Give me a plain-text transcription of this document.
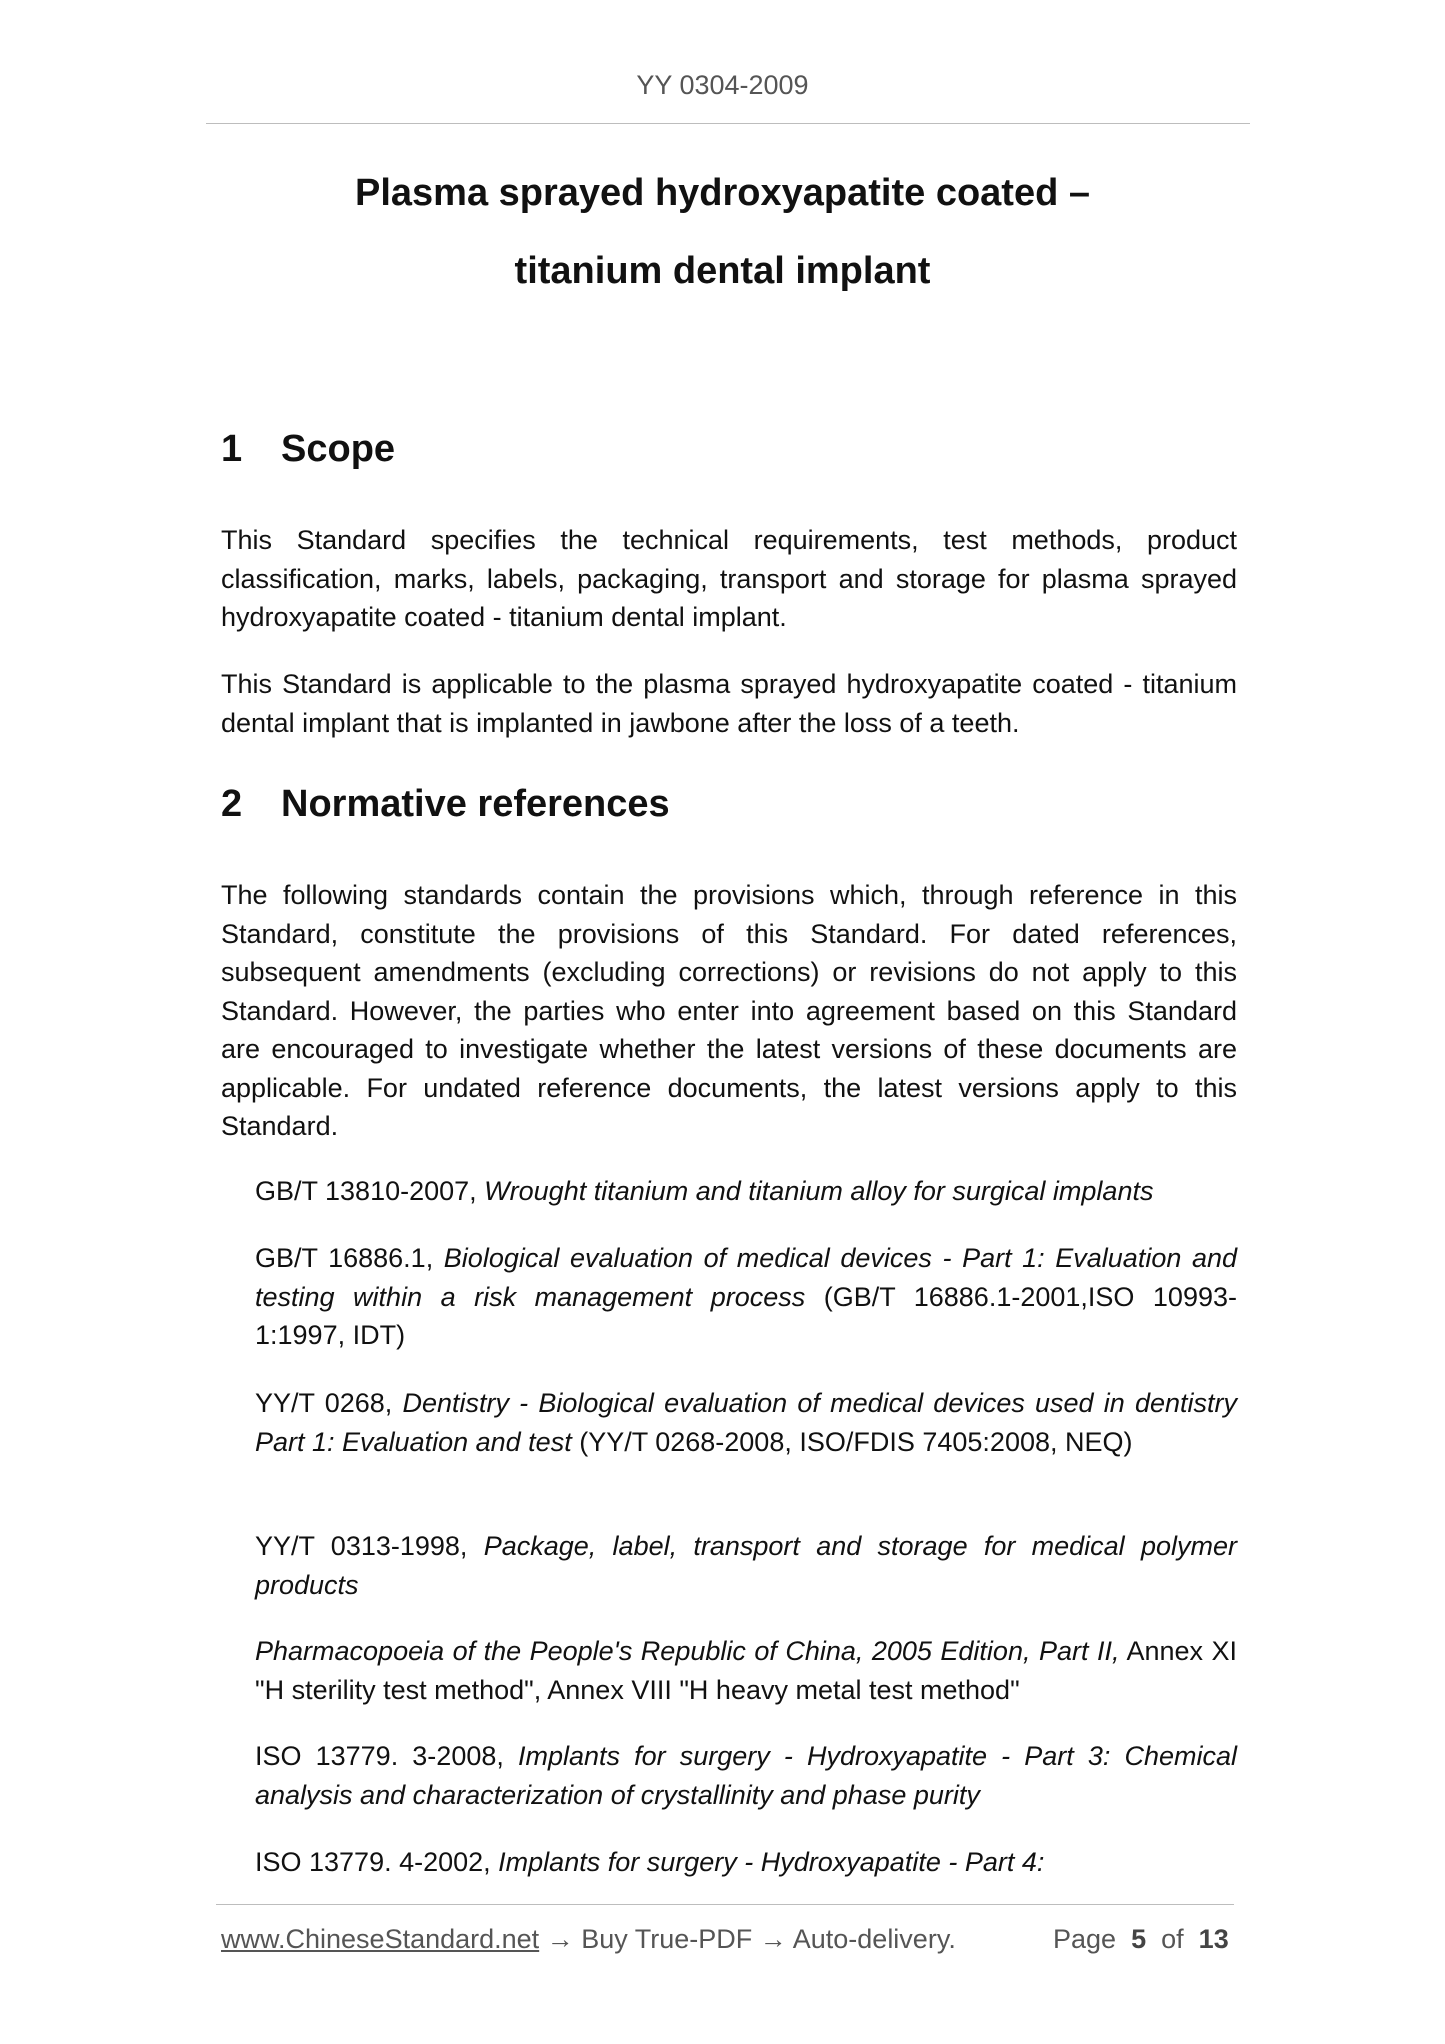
YY 0304-2009
Plasma sprayed hydroxyapatite coated –
titanium dental implant
1 Scope
This Standard specifies the technical requirements, test methods, product classification, marks, labels, packaging, transport and storage for plasma sprayed hydroxyapatite coated - titanium dental implant.
This Standard is applicable to the plasma sprayed hydroxyapatite coated - titanium dental implant that is implanted in jawbone after the loss of a teeth.
2 Normative references
The following standards contain the provisions which, through reference in this Standard, constitute the provisions of this Standard. For dated references, subsequent amendments (excluding corrections) or revisions do not apply to this Standard. However, the parties who enter into agreement based on this Standard are encouraged to investigate whether the latest versions of these documents are applicable. For undated reference documents, the latest versions apply to this Standard.
GB/T 13810-2007, Wrought titanium and titanium alloy for surgical implants
GB/T 16886.1, Biological evaluation of medical devices - Part 1: Evaluation and testing within a risk management process (GB/T 16886.1-2001,ISO 10993-1:1997, IDT)
YY/T 0268, Dentistry - Biological evaluation of medical devices used in dentistry Part 1: Evaluation and test (YY/T 0268-2008, ISO/FDIS 7405:2008, NEQ)
YY/T 0313-1998, Package, label, transport and storage for medical polymer products
Pharmacopoeia of the People's Republic of China, 2005 Edition, Part II, Annex XI "H sterility test method", Annex VIII "H heavy metal test method"
ISO 13779. 3-2008, Implants for surgery - Hydroxyapatite - Part 3: Chemical analysis and characterization of crystallinity and phase purity
ISO 13779. 4-2002, Implants for surgery - Hydroxyapatite - Part 4:
www.ChineseStandard.net → Buy True-PDF → Auto-delivery.	Page 5 of 13
